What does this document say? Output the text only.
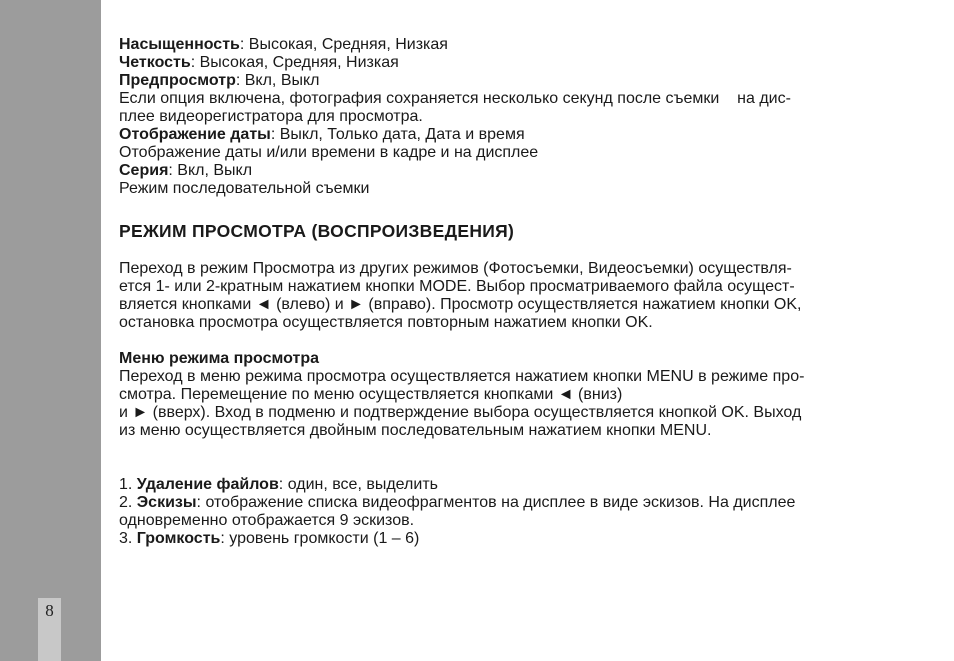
8
Насыщенность: Высокая, Средняя, Низкая
Четкость: Высокая, Средняя, Низкая
Предпросмотр: Вкл, Выкл
Если опция включена, фотография сохраняется несколько секунд после съемки    на дис-
плее видеорегистратора для просмотра.
Отображение даты: Выкл, Только дата, Дата и время
Отображение даты и/или времени в кадре и на дисплее
Серия: Вкл, Выкл
Режим последовательной съемки
РЕЖИМ ПРОСМОТРА (ВОСПРОИЗВЕДЕНИЯ)
Переход в режим Просмотра из других режимов (Фотосъемки, Видеосъемки) осуществля-
ется 1- или 2-кратным нажатием кнопки MODE. Выбор просматриваемого файла осущест-
вляется кнопками ◄ (влево) и ► (вправо). Просмотр осуществляется нажатием кнопки OK,
остановка просмотра осуществляется повторным нажатием кнопки OK.
Меню режима просмотра
Переход в меню режима просмотра осуществляется нажатием кнопки MENU в режиме про-
смотра. Перемещение по меню осуществляется кнопками ◄ (вниз)
и ► (вверх). Вход в подменю и подтверждение выбора осуществляется кнопкой OK. Выход
из меню осуществляется двойным последовательным нажатием кнопки MENU.
1. Удаление файлов: один, все, выделить
2. Эскизы: отображение списка видеофрагментов на дисплее в виде эскизов. На дисплее
одновременно отображается 9 эскизов.
3. Громкость: уровень громкости (1 – 6)
